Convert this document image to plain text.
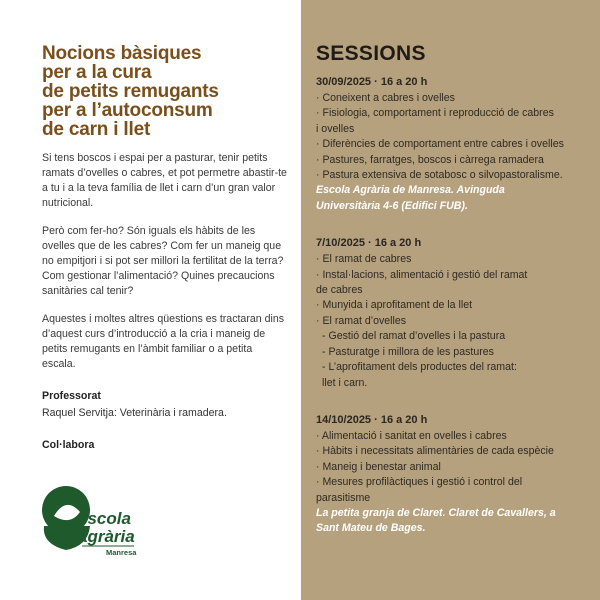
Nocions bàsiques
per a la cura
de petits remugants
per a l’autoconsum
de carn i llet

Si tens boscos i espai per a pasturar, tenir petits ramats d’ovelles o cabres, et pot permetre abastir-te a tu i a la teva família de llet i carn d’un gran valor nutricional.

Però com fer-ho? Són iguals els hàbits de les ovelles que de les cabres? Com fer un maneig que no empitjori i si pot ser millori la fertilitat de la terra? Com gestionar l’alimentació? Quines precaucions sanitàries cal tenir?

Aquestes i moltes altres qüestions es tractaran dins d’aquest curs d’introducció a la cria i maneig de petits remugants en l’àmbit familiar o a petita escala.

Professorat
Raquel Servitja: Veterinària i ramadera.
Col·labora
escola
agrària
Manresa
SESSIONS
30/09/2025 · 16 a 20 h
· Coneixent a cabres i ovelles
· Fisiologia, comportament i reproducció de cabres
i ovelles
· Diferències de comportament entre cabres i ovelles
· Pastures, farratges, boscos i càrrega ramadera
· Pastura extensiva de sotabosc o silvopastoralisme.
Escola Agrària de Manresa. Avinguda
Universitària 4-6 (Edifici FUB).
7/10/2025 · 16 a 20 h
· El ramat de cabres
· Instal·lacions, alimentació i gestió del ramat
de cabres
· Munyida i aprofitament de la llet
· El ramat d’ovelles
- Gestió del ramat d’ovelles i la pastura
- Pasturatge i millora de les pastures
- L’aprofitament dels productes del ramat:
llet i carn.
14/10/2025 · 16 a 20 h
· Alimentació i sanitat en ovelles i cabres
· Hàbits i necessitats alimentàries de cada espècie
· Maneig i benestar animal
· Mesures profilàctiques i gestió i control del
parasitisme
La petita granja de Claret. Claret de Cavallers, a
Sant Mateu de Bages.
